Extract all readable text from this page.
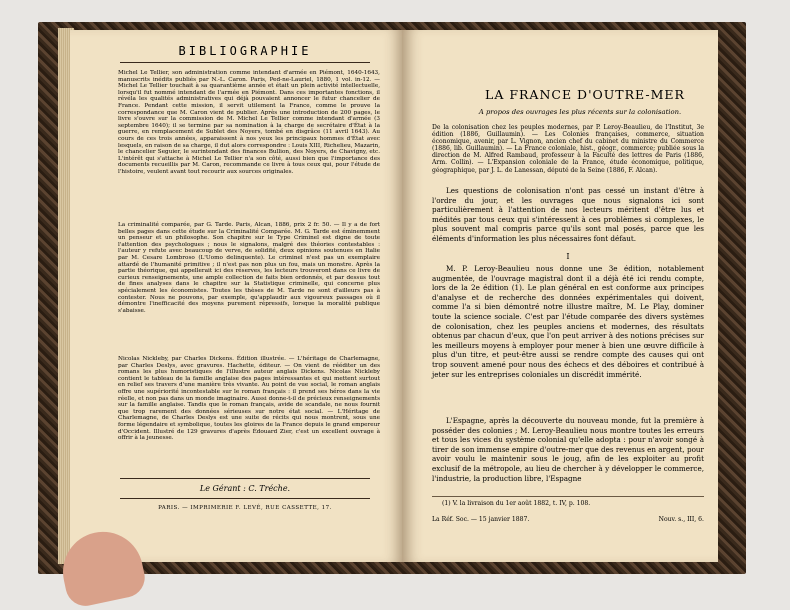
BIBLIOGRAPHIE
Michel Le Tellier, son administration comme intendant d'armée en Piémont, 1640-1643, manuscrits inédits publiés par N.-L. Caron. Paris, Ped-ne-Lauriel, 1880, 1 vol. in-12. — Michel Le Tellier touchait à sa quarantième année et était un plein activité intellectuelle, lorsqu'il fut nommé intendant de l'armée en Piémont. Dans ces importantes fonctions, il révéla les qualités administratives qui déjà pouvaient annoncer le futur chancelier de France. Pendant cette mission, il servit utilement la France, comme le prouve la correspondance que M. Caron vient de publier. Après une introduction de 200 pages, le livre s'ouvre sur la commission de M. Michel Le Tellier comme intendant d'armée (3 septembre 1640); il se termine par sa nomination à la charge de secrétaire d'État à la guerre, en remplacement de Sublet des Noyers, tombé en disgrâce (11 avril 1643). Au cours de ces trois années, apparaissent à nos yeux les principaux hommes d'État avec lesquels, en raison de sa charge, il dut alors correspondre : Louis XIII, Richelieu, Mazarin, le chancelier Seguier, le surintendant des finances Bullion, des Noyers, de Chavigny, etc. L'intérêt qui s'attache à Michel Le Tellier n'a son côté, aussi bien que l'importance des documents recueillis par M. Caron, recommande ce livre à tous ceux qui, pour l'étude de l'histoire, veulent avant tout recourir aux sources originales.
La criminalité comparée, par G. Tarde. Paris, Alcan, 1886, prix 2 fr. 50. — Il y a de fort belles pages dans cette étude sur la Criminalité Comparée. M. G. Tarde est éminemment un penseur et un philosophe. Son chapitre sur le Type Criminel est digne de toute l'attention des psychologues ; nous le signalons, malgré des théories contestables : l'auteur y refute avec beaucoup de verve, de solidité, deux opinions soutenues en Italie par M. Cesare Lombroso (L'Uomo delinquente). Le criminel n'est pas un exemplaire attardé de l'humanité primitive ; il n'est pas non plus un fou, mais un monstre. Après la partie théorique, qui appellerait ici des réserves, les lecteurs trouveront dans ce livre de curieux renseignements, une ample collection de faits bien ordonnés, et par dessus tout de fines analyses dans le chapitre sur la Statistique criminelle, qui concerne plus spécialement les économistes. Toutes les thèses de M. Tarde ne sont d'ailleurs pas à contester. Nous ne pouvons, par exemple, qu'applaudir aux vigoureux passages où il démontre l'inefficacité des moyens purement répressifs, lorsque la moralité publique s'abaisse.
Nicolas Nickleby, par Charles Dickens. Édition illustrée. — L'héritage de Charlemagne, par Charles Deslys, avec gravures. Hachette, éditeur. — On vient de rééditer un des romans les plus humoristiques de l'illustre auteur anglais Dickens. Nicolas Nickleby contient le tableau de la famille anglaise des pages intéressantes et qui mettent surtout en relief ses travers d'une manière très vivante. Au point de vue social, le roman anglais offre une supériorité incontestable sur le roman français : il prend ses héros dans la vie réelle, et non pas dans un monde imaginaire. Aussi donne-t-il de précieux renseignements sur la famille anglaise. Tandis que le roman français, avide de scandale, ne nous fournit que trop rarement des données sérieuses sur notre état social. — L'Héritage de Charlemagne, de Charles Deslys est une suite de récits qui nous montrent, sous une forme légendaire et symbolique, toutes les gloires de la France depuis le grand empereur d'Occident. Illustré de 129 gravures d'après Édouard Zier, c'est un excellent ouvrage à offrir à la jeunesse.
Le Gérant : C. Tréche.
PARIS. — IMPRIMERIE F. LEVÉ, RUE CASSETTE, 17.
LA FRANCE D'OUTRE-MER
A propos des ouvrages les plus récents sur la colonisation.
De la colonisation chez les peuples modernes, par P. Leroy-Beaulieu, de l'Institut, 3e édition (1886, Guillaumin). — Les Colonies françaises, commerce, situation économique, avenir, par L. Vignon, ancien chef du cabinet du ministre du Commerce (1886, lib. Guillaumin). — La France coloniale, hist., géogr., commerce; publiée sous la direction de M. Alfred Rambaud, professeur à la Faculté des lettres de Paris (1886, Arm. Collin). — L'Expansion coloniale de la France, étude économique, politique, géographique, par J. L. de Lanessan, député de la Seine (1886, F. Alcan).
Les questions de colonisation n'ont pas cessé un instant d'être à l'ordre du jour, et les ouvrages que nous signalons ici sont particulièrement à l'attention de nos lecteurs méritent d'être lus et médités par tous ceux qui s'intéressent à ces problèmes si complexes, le plus souvent mal compris parce qu'ils sont mal posés, parce que les éléments d'information les plus nécessaires font défaut.
I
M. P. Leroy-Beaulieu nous donne une 3e édition, notablement augmentée, de l'ouvrage magistral dont il a déjà été ici rendu compte, lors de la 2e édition (1). Le plan général en est conforme aux principes d'analyse et de recherche des données expérimentales qui doivent, comme l'a si bien démontré notre illustre maître, M. Le Play, dominer toute la science sociale. C'est par l'étude comparée des divers systèmes de colonisation, chez les peuples anciens et modernes, des résultats obtenus par chacun d'eux, que l'on peut arriver à des notions précises sur les meilleurs moyens à employer pour mener à bien une œuvre difficile à plus d'un titre, et peut-être aussi se rendre compte des causes qui ont trop souvent amené pour nous des échecs et des déboires et contribué à jeter sur les entreprises coloniales un discrédit immérité.
L'Espagne, après la découverte du nouveau monde, fut la première à posséder des colonies ; M. Leroy-Beaulieu nous montre toutes les erreurs et tous les vices du système colonial qu'elle adopta : pour n'avoir songé à tirer de son immense empire d'outre-mer que des revenus en argent, pour avoir voulu le maintenir sous le joug, afin de les exploiter au profit exclusif de la métropole, au lieu de chercher à y développer le commerce, l'industrie, la production libre, l'Espagne
(1) V. la livraison du 1er août 1882, t. IV, p. 108.
La Réf. Soc. — 15 janvier 1887.	Nouv. s., III, 6.
